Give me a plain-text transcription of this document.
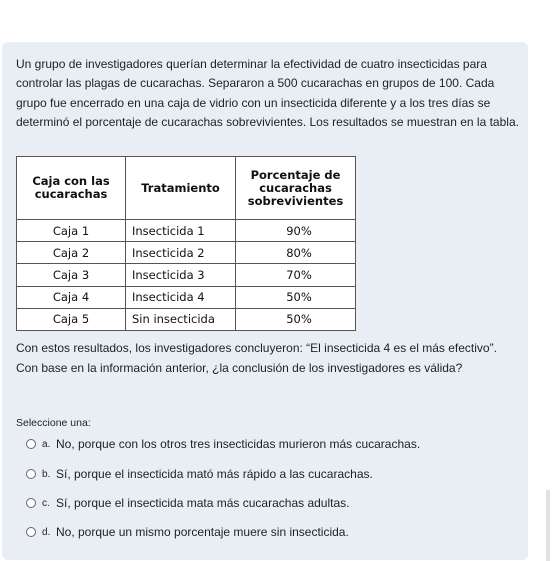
Un grupo de investigadores querían determinar la efectividad de cuatro insecticidas para controlar las plagas de cucarachas. Separaron a 500 cucarachas en grupos de 100. Cada grupo fue encerrado en una caja de vidrio con un insecticida diferente y a los tres días se determinó el porcentaje de cucarachas sobrevivientes. Los resultados se muestran en la tabla.

Caja con las cucarachas	Tratamiento	Porcentaje de cucarachas sobrevivientes
Caja 1	Insecticida 1	90%
Caja 2	Insecticida 2	80%
Caja 3	Insecticida 3	70%
Caja 4	Insecticida 4	50%
Caja 5	Sin insecticida	50%

Con estos resultados, los investigadores concluyeron: “El insecticida 4 es el más efectivo”. Con base en la información anterior, ¿la conclusión de los investigadores es válida?

Seleccione una:

a. No, porque con los otros tres insecticidas murieron más cucarachas.
b. Sí, porque el insecticida mató más rápido a las cucarachas.
c. Sí, porque el insecticida mata más cucarachas adultas.
d. No, porque un mismo porcentaje muere sin insecticida.
